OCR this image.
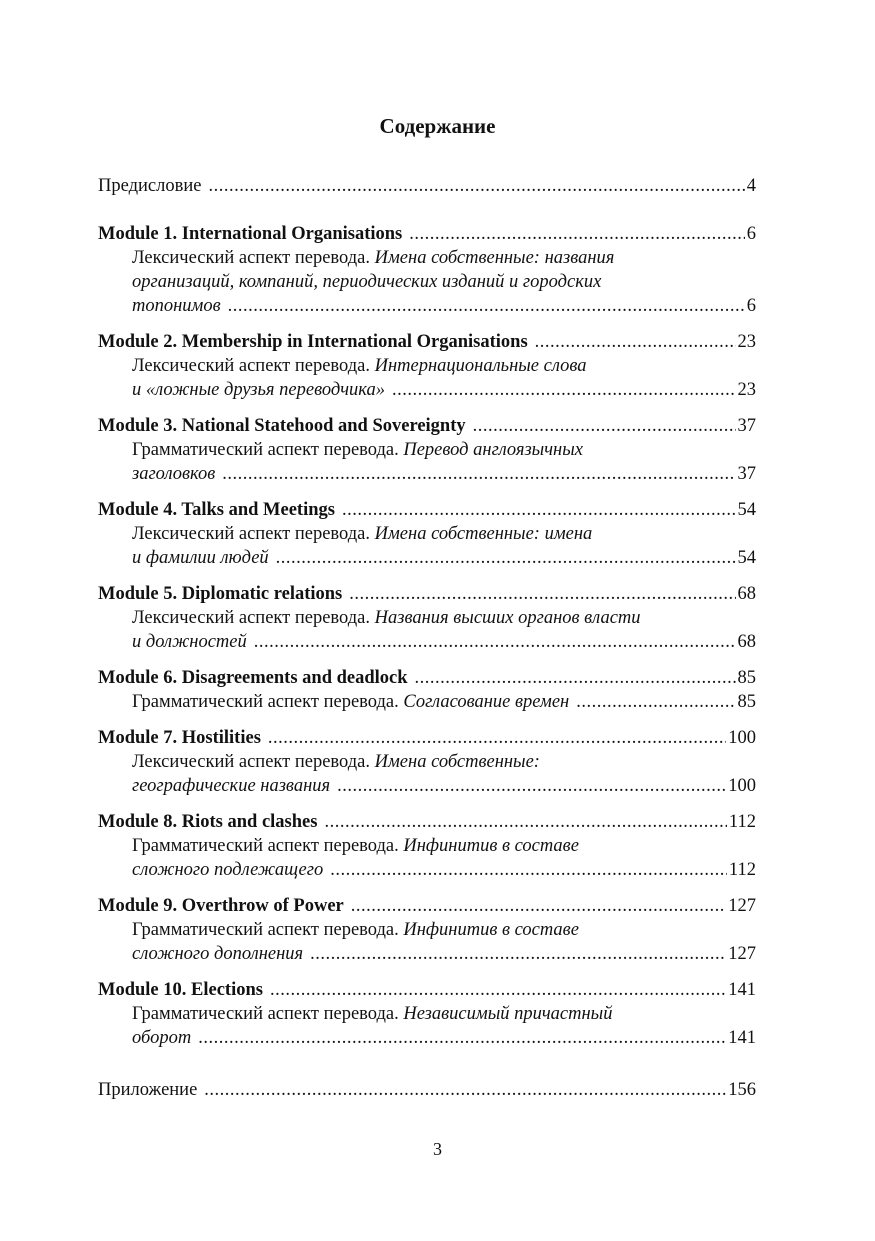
Содержание
Предисловие .....	4
Module 1. International Organisations .....	6
Лексический аспект перевода. Имена собственные: названия
организаций, компаний, периодических изданий и городских
топонимов .....	6
Module 2. Membership in International Organisations .....	23
Лексический аспект перевода. Интернациональные слова
и «ложные друзья переводчика» .....	23
Module 3. National Statehood and Sovereignty .....	37
Грамматический аспект перевода. Перевод англоязычных
заголовков .....	37
Module 4. Talks and Meetings .....	54
Лексический аспект перевода. Имена собственные: имена
и фамилии людей .....	54
Module 5. Diplomatic relations .....	68
Лексический аспект перевода. Названия высших органов власти
и должностей .....	68
Module 6. Disagreements and deadlock .....	85
Грамматический аспект перевода. Согласование времен .....	85
Module 7. Hostilities .....	100
Лексический аспект перевода. Имена собственные:
географические названия .....	100
Module 8. Riots and clashes .....	112
Грамматический аспект перевода. Инфинитив в составе
сложного подлежащего .....	112
Module 9. Overthrow of Power .....	127
Грамматический аспект перевода. Инфинитив в составе
сложного дополнения .....	127
Module 10. Elections .....	141
Грамматический аспект перевода. Независимый причастный
оборот .....	141
Приложение .....	156
3
